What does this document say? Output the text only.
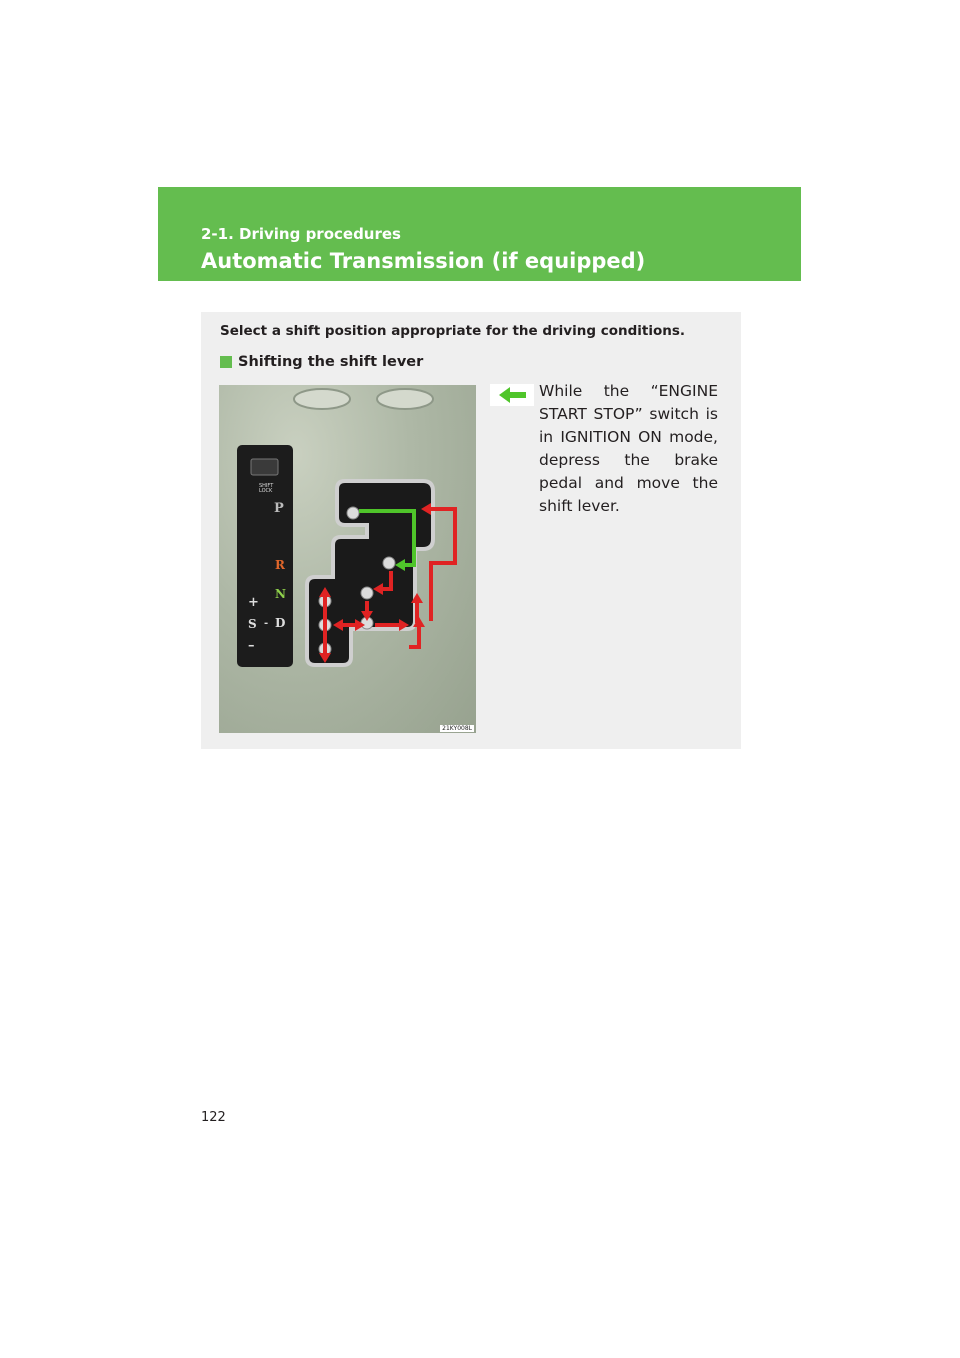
2-1. Driving procedures
Automatic Transmission (if equipped)
Select a shift position appropriate for the driving conditions.
Shifting the shift lever
SHIFT
LOCK
P
R
N
+
S - D
–
21KY008L
While the “ENGINE START STOP” switch is in IGNITION ON mode, depress the brake pedal and move the shift lever.
122
